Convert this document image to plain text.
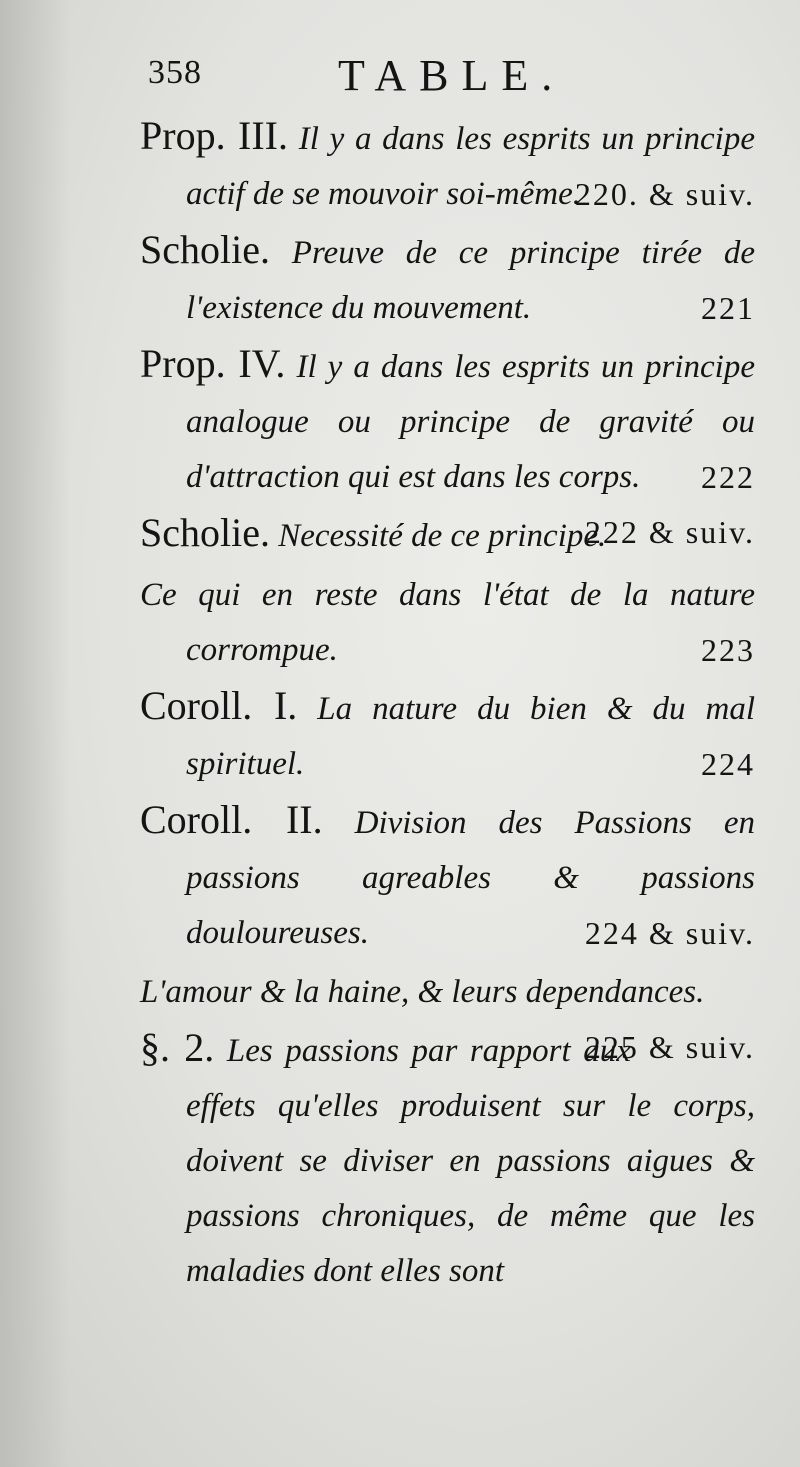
358	TABLE.

Prop. III. Il y a dans les esprits un principe actif de se mouvoir soi-même.
220. & suiv.

Scholie. Preuve de ce principe tirée de l'existence du mouvement.	221

Prop. IV. Il y a dans les esprits un principe analogue ou principe de gravité ou d'attraction qui est dans les corps. 222

Scholie. Necessité de ce principe.
222 & suiv.

Ce qui en reste dans l'état de la nature corrompue.	223

Coroll. I. La nature du bien & du mal spirituel.	224

Coroll. II. Division des Passions en passions agreables & passions douloureuses.	224 & suiv.

L'amour & la haine, & leurs dependances.
225 & suiv.

§. 2. Les passions par rapport aux effets qu'elles produisent sur le corps, doivent se diviser en passions aigues & passions chroniques, de même que les maladies dont elles sont
